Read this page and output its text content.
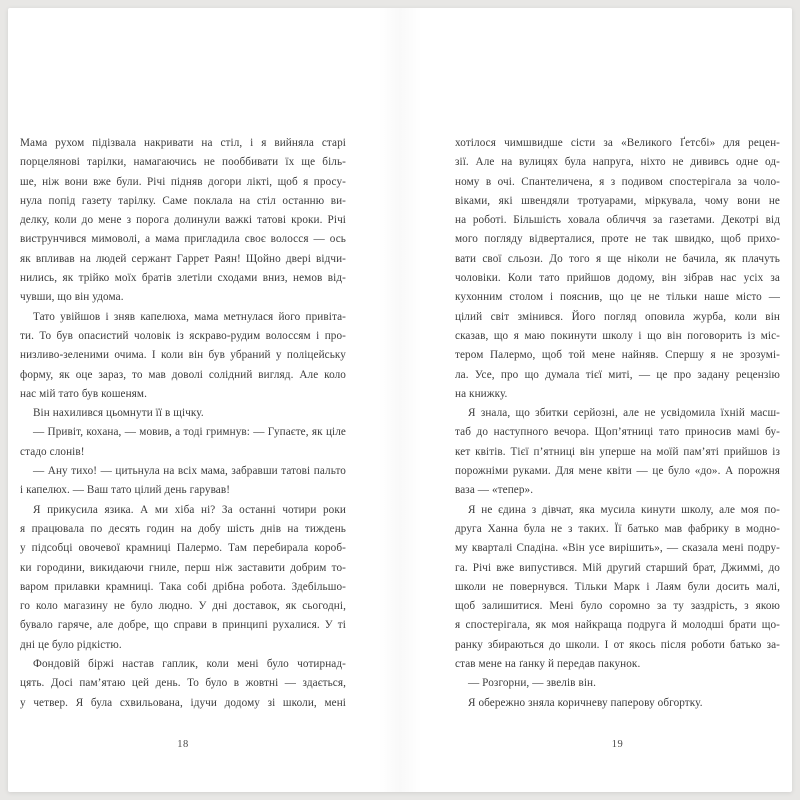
Мама рухом підізвала накривати на стіл, і я вийняла старі
порцелянові тарілки, намагаючись не пооббивати їх ще біль-
ше, ніж вони вже були. Річі підняв догори лікті, щоб я просу-
нула попід газету тарілку. Саме поклала на стіл останню ви-
делку, коли до мене з порога долинули важкі татові кроки. Річі
виструнчився мимоволі, а мама пригладила своє волосся — ось
як впливав на людей сержант Гаррет Раян! Щойно двері відчи-
нились, як трійко моїх братів злетіли сходами вниз, немов від-
чувши, що він удома.
Тато увійшов і зняв капелюха, мама метнулася його привіта-
ти. То був опасистий чоловік із яскраво-рудим волоссям і про-
низливо-зеленими очима. І коли він був убраний у поліцейську
форму, як оце зараз, то мав доволі солідний вигляд. Але коло
нас мій тато був кошеням.
Він нахилився цьомнути її в щічку.
— Привіт, кохана, — мовив, а тоді гримнув: — Гупаєте, як ціле
стадо слонів!
— Ану тихо! — цитьнула на всіх мама, забравши татові пальто
і капелюх. — Ваш тато цілий день гарував!
Я прикусила язика. А ми хіба ні? За останні чотири роки
я працювала по десять годин на добу шість днів на тиждень
у підсобці овочевої крамниці Палермо. Там перебирала короб-
ки городини, викидаючи гниле, перш ніж заставити добрим то-
варом прилавки крамниці. Така собі дрібна робота. Здебільшо-
го коло магазину не було людно. У дні доставок, як сьогодні,
бувало гаряче, але добре, що справи в принципі рухалися. У ті
дні це було рідкістю.
Фондовій біржі настав гаплик, коли мені було чотирнад-
цять. Досі пам’ятаю цей день. То було в жовтні — здається,
у четвер. Я була схвильована, ідучи додому зі школи, мені
18
хотілося чимшвидше сісти за «Великого Ґетсбі» для рецен-
зії. Але на вулицях була напруга, ніхто не дививсь одне од-
ному в очі. Спантеличена, я з подивом спостерігала за чоло-
віками, які швендяли тротуарами, міркувала, чому вони не
на роботі. Більшість ховала обличчя за газетами. Декотрі від
мого погляду відверталися, проте не так швидко, щоб прихо-
вати свої сльози. До того я ще ніколи не бачила, як плачуть
чоловіки. Коли тато прийшов додому, він зібрав нас усіх за
кухонним столом і пояснив, що це не тільки наше місто —
цілий світ змінився. Його погляд оповила журба, коли він
сказав, що я маю покинути школу і що він поговорить із міс-
тером Палермо, щоб той мене найняв. Спершу я не зрозумі-
ла. Усе, про що думала тієї миті, — це про задану рецензію
на книжку.
Я знала, що збитки серйозні, але не усвідомила їхній масш-
таб до наступного вечора. Щоп’ятниці тато приносив мамі бу-
кет квітів. Тієї п’ятниці він уперше на моїй пам’яті прийшов із
порожніми руками. Для мене квіти — це було «до». А порожня
ваза — «тепер».
Я не єдина з дівчат, яка мусила кинути школу, але моя по-
друга Ханна була не з таких. Її батько мав фабрику в модно-
му кварталі Спадіна. «Він усе вирішить», — сказала мені подру-
га. Річі вже випустився. Мій другий старший брат, Джиммі, до
школи не повернувся. Тільки Марк і Лаям були досить малі,
щоб залишитися. Мені було соромно за ту заздрість, з якою
я спостерігала, як моя найкраща подруга й молодші брати що-
ранку збираються до школи. І от якось після роботи батько за-
став мене на ґанку й передав пакунок.
— Розгорни, — звелів він.
Я обережно зняла коричневу паперову обгортку.
19
